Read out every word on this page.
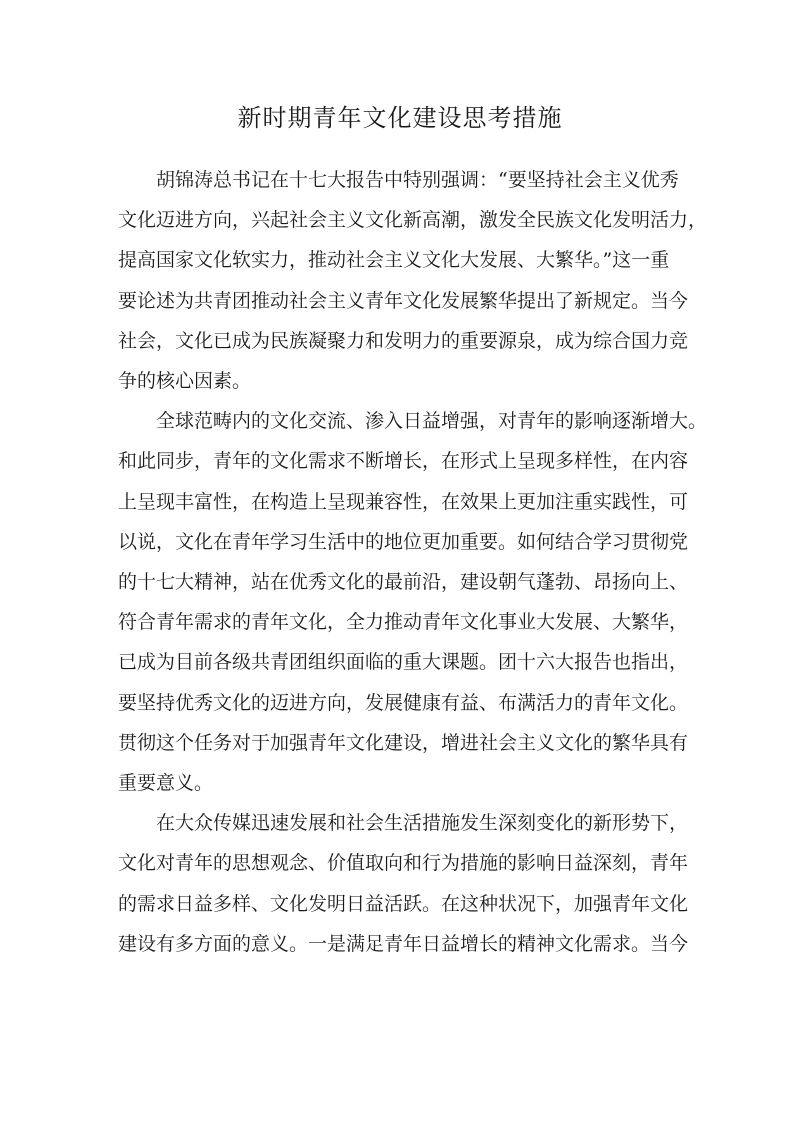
新时期青年文化建设思考措施

胡锦涛总书记在十七大报告中特别强调：“要坚持社会主义优秀
文化迈进方向，兴起社会主义文化新高潮，激发全民族文化发明活力，
提高国家文化软实力，推动社会主义文化大发展、大繁华。”这一重
要论述为共青团推动社会主义青年文化发展繁华提出了新规定。当今
社会，文化已成为民族凝聚力和发明力的重要源泉，成为综合国力竞
争的核心因素。

全球范畴内的文化交流、渗入日益增强，对青年的影响逐渐增大。
和此同步，青年的文化需求不断增长，在形式上呈现多样性，在内容
上呈现丰富性，在构造上呈现兼容性，在效果上更加注重实践性，可
以说，文化在青年学习生活中的地位更加重要。如何结合学习贯彻党
的十七大精神，站在优秀文化的最前沿，建设朝气蓬勃、昂扬向上、
符合青年需求的青年文化，全力推动青年文化事业大发展、大繁华，
已成为目前各级共青团组织面临的重大课题。团十六大报告也指出，
要坚持优秀文化的迈进方向，发展健康有益、布满活力的青年文化。
贯彻这个任务对于加强青年文化建设，增进社会主义文化的繁华具有
重要意义。

在大众传媒迅速发展和社会生活措施发生深刻变化的新形势下，
文化对青年的思想观念、价值取向和行为措施的影响日益深刻，青年
的需求日益多样、文化发明日益活跃。在这种状况下，加强青年文化
建设有多方面的意义。一是满足青年日益增长的精神文化需求。当今
